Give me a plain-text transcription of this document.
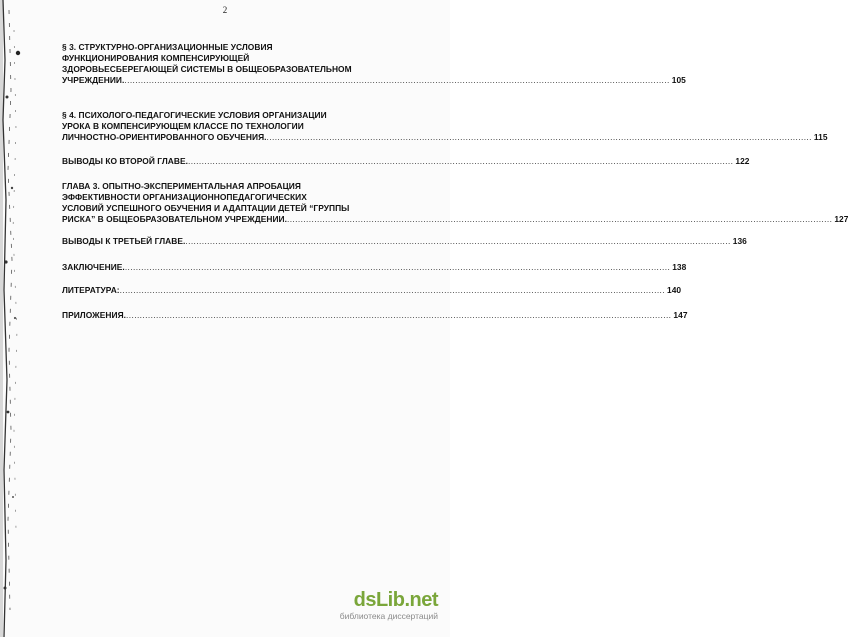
2
§ 3. СТРУКТУРНО-ОРГАНИЗАЦИОННЫЕ УСЛОВИЯ
ФУНКЦИОНИРОВАНИЯ КОМПЕНСИРУЮЩЕЙ
ЗДОРОВЬЕСБЕРЕГАЮЩЕЙ СИСТЕМЫ В ОБЩЕОБРАЗОВАТЕЛЬНОМ
УЧРЕЖДЕНИИ. ........................................................................................................................................................................................................ 105
§ 4. ПСИХОЛОГО-ПЕДАГОГИЧЕСКИЕ УСЛОВИЯ ОРГАНИЗАЦИИ
УРОКА В КОМПЕНСИРУЮЩЕМ КЛАССЕ ПО ТЕХНОЛОГИИ
ЛИЧНОСТНО-ОРИЕНТИРОВАННОГО ОБУЧЕНИЯ. ........................................................................................................................................................................................................ 115
ВЫВОДЫ КО ВТОРОЙ ГЛАВЕ. ........................................................................................................................................................................................................ 122
ГЛАВА 3. ОПЫТНО-ЭКСПЕРИМЕНТАЛЬНАЯ АПРОБАЦИЯ
ЭФФЕКТИВНОСТИ ОРГАНИЗАЦИОННОПЕДАГОГИЧЕСКИХ
УСЛОВИЙ УСПЕШНОГО ОБУЧЕНИЯ И АДАПТАЦИИ ДЕТЕЙ “ГРУППЫ
РИСКА” В ОБЩЕОБРАЗОВАТЕЛЬНОМ УЧРЕЖДЕНИИ. ........................................................................................................................................................................................................ 127
ВЫВОДЫ К ТРЕТЬЕЙ ГЛАВЕ. ........................................................................................................................................................................................................ 136
ЗАКЛЮЧЕНИЕ. ........................................................................................................................................................................................................ 138
ЛИТЕРАТУРА: ........................................................................................................................................................................................................ 140
ПРИЛОЖЕНИЯ. ........................................................................................................................................................................................................ 147
dsLib.net
библиотека диссертаций
